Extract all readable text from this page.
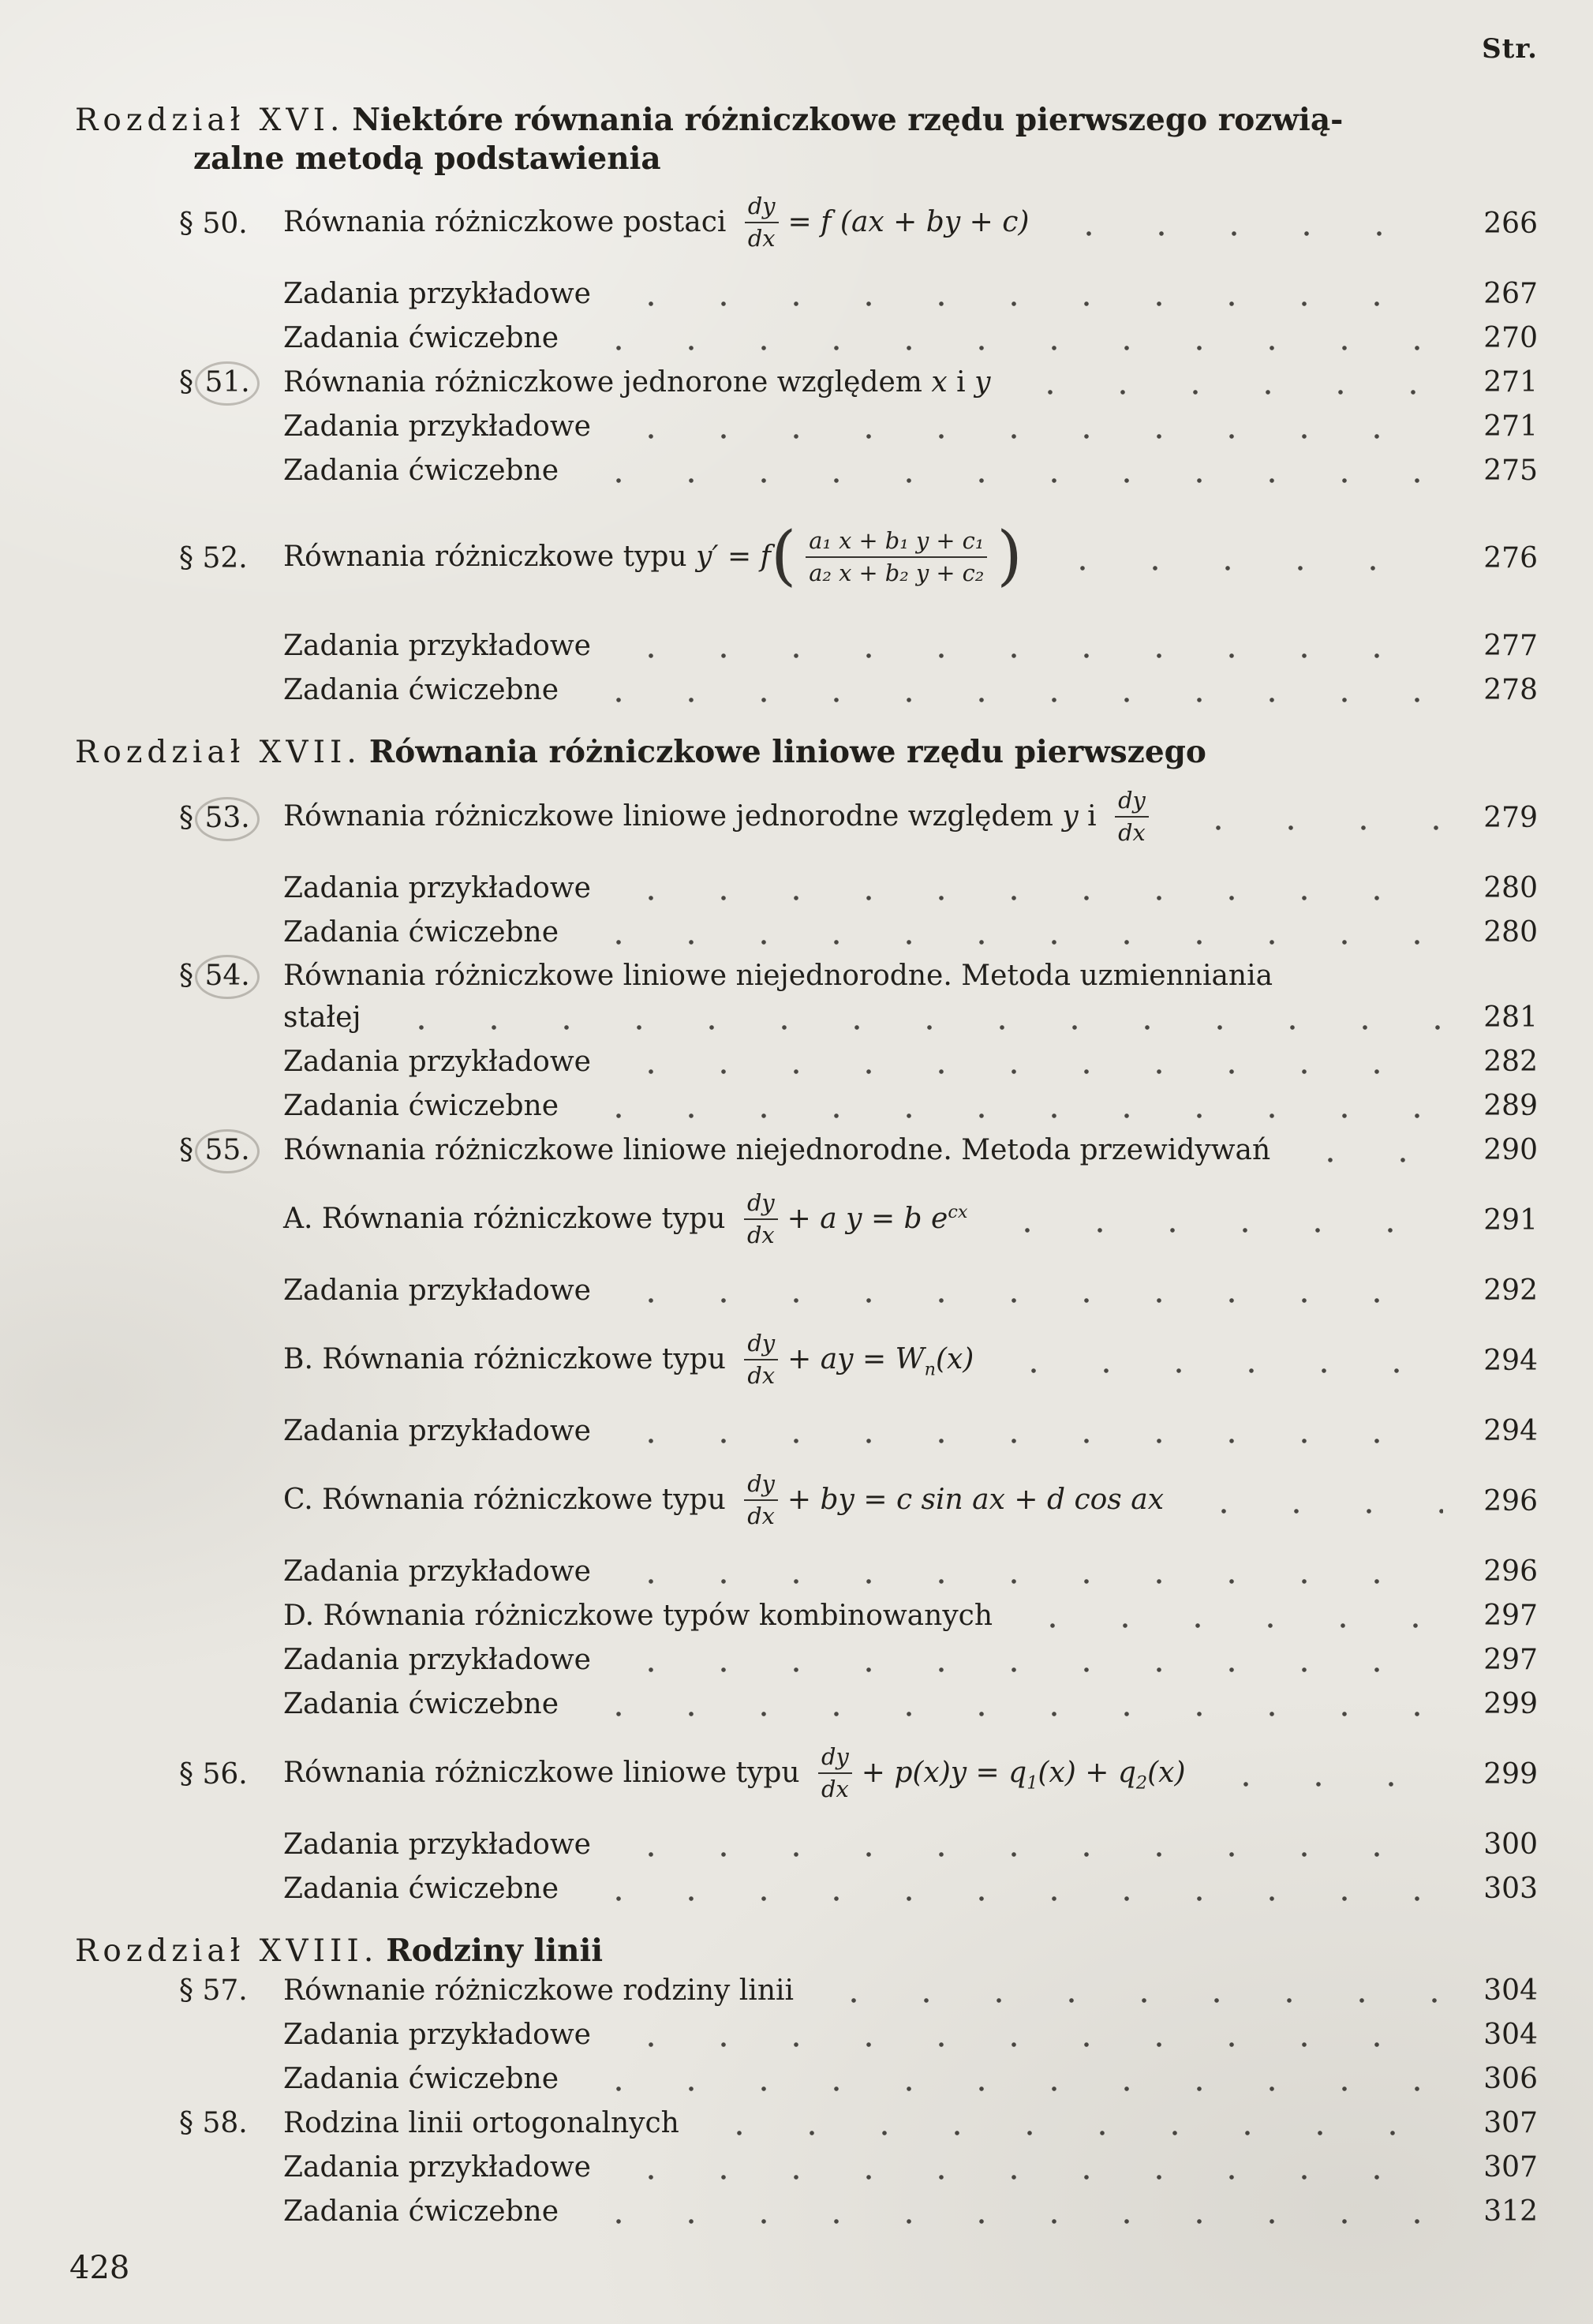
Str.
Rozdział XVI. Niektóre równania różniczkowe rzędu pierwszego rozwią-
zalne metodą podstawienia
§ 50.	Równania różniczkowe postaci $\frac{dy}{dx} = f$ (ax + by + c)	266
Zadania przykładowe	267
Zadania ćwiczebne	270
§ 51.	Równania różniczkowe jednorone względem x i y	271
Zadania przykładowe	271
Zadania ćwiczebne	275
§ 52.	Równania różniczkowe typu $y' = f( \frac{\text{a₁ x + b₁ y + c₁}}{\text{a₂ x + b₂ y + c₂}}$ )	276
Zadania przykładowe	277
Zadania ćwiczebne	278
Rozdział XVII. Równania różniczkowe liniowe rzędu pierwszego
§ 53.	Równania różniczkowe liniowe jednorodne względem y i $\frac{dy}{dx}$	279
Zadania przykładowe	280
Zadania ćwiczebne	280
§ 54.	Równania różniczkowe liniowe niejednorodne. Metoda uzmienniania

stałej	281
Zadania przykładowe	282
Zadania ćwiczebne	289
§ 55.	Równania różniczkowe liniowe niejednorodne. Metoda przewidywań	290
A. Równania różniczkowe typu $\frac{dy}{dx} + a$ y = b $e^{cx}$	291
Zadania przykładowe	292
B. Równania różniczkowe typu $\frac{dy}{dx}$ + ay = $W_n(x)$	294
Zadania przykładowe	294
C. Równania różniczkowe typu $\frac{dy}{dx}$ + by = c sin ax + d cos ax	296
Zadania przykładowe	296
D. Równania różniczkowe typów kombinowanych	297
Zadania przykładowe	297
Zadania ćwiczebne	299
§ 56.	Równania różniczkowe liniowe typu $\frac{dy}{dx} + p(x)y = q_1(x) + q_2(x)$	299
Zadania przykładowe	300
Zadania ćwiczebne	303
Rozdział XVIII. Rodziny linii
§ 57.	Równanie różniczkowe rodziny linii	304
Zadania przykładowe	304
Zadania ćwiczebne	306
§ 58.	Rodzina linii ortogonalnych	307
Zadania przykładowe	307
Zadania ćwiczebne	312
428
